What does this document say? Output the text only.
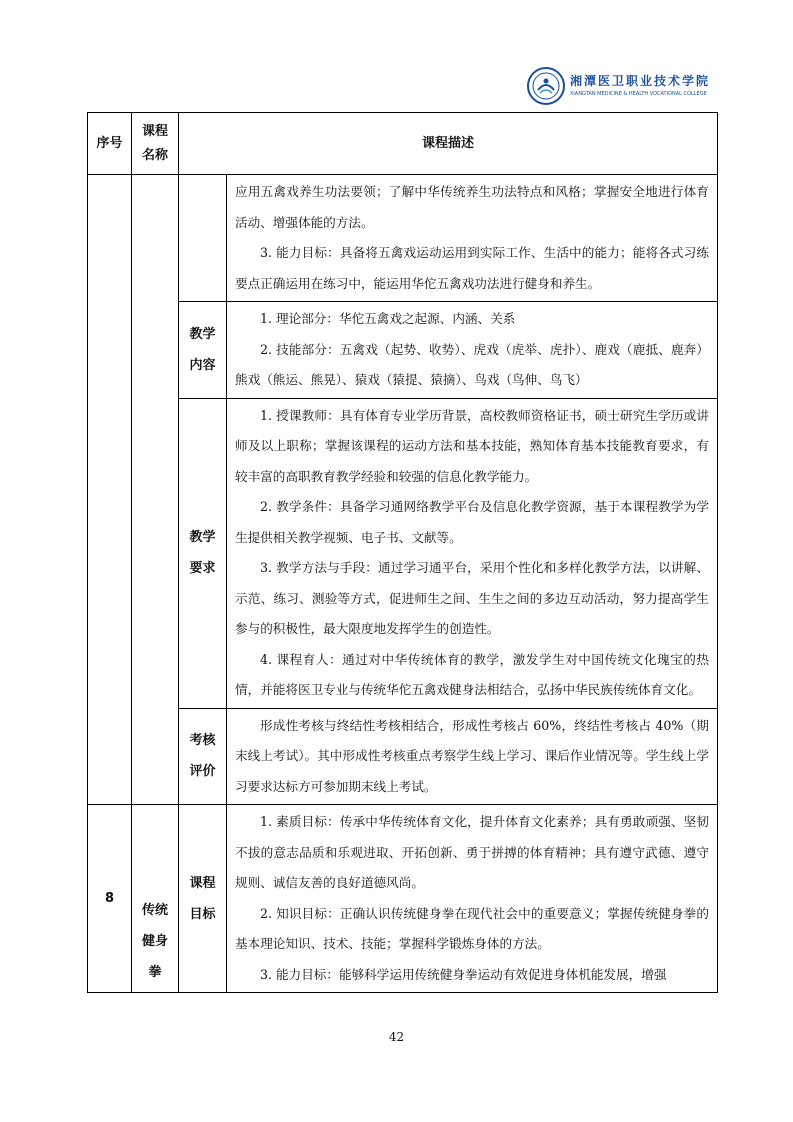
湘潭医卫职业技术学院
XIANGTAN MEDICINE & HEALTH VOCATIONAL COLLEGE
序号	课程名称	课程描述	

			应用五禽戏养生功法要领；了解中华传统养生功法特点和风格；掌握安全地进行体育活动、增强体能的方法。

3. 能力目标：具备将五禽戏运动运用到实际工作、生活中的能力；能将各式习练要点正确运用在练习中，能运用华佗五禽戏功法进行健身和养生。

		教学内容	1. 理论部分：华佗五禽戏之起源、内涵、关系

2. 技能部分：五禽戏（起势、收势）、虎戏（虎举、虎扑）、鹿戏（鹿抵、鹿奔）熊戏（熊运、熊晃）、猿戏（猿提、猿摘）、鸟戏（鸟伸、鸟飞）

		教学要求	1. 授课教师：具有体育专业学历背景，高校教师资格证书，硕士研究生学历或讲师及以上职称；掌握该课程的运动方法和基本技能，熟知体育基本技能教育要求，有较丰富的高职教育教学经验和较强的信息化教学能力。

2. 教学条件：具备学习通网络教学平台及信息化教学资源，基于本课程教学为学生提供相关教学视频、电子书、文献等。

3. 教学方法与手段：通过学习通平台，采用个性化和多样化教学方法，以讲解、示范、练习、测验等方式，促进师生之间、生生之间的多边互动活动，努力提高学生参与的积极性，最大限度地发挥学生的创造性。

4. 课程育人：通过对中华传统体育的教学，激发学生对中国传统文化瑰宝的热情，并能将医卫专业与传统华佗五禽戏健身法相结合，弘扬中华民族传统体育文化。

		考核评价	形成性考核与终结性考核相结合，形成性考核占 60%，终结性考核占 40%（期末线上考试）。其中形成性考核重点考察学生线上学习、课后作业情况等。学生线上学习要求达标方可参加期末线上考试。

8	传统健身拳	课程目标	1. 素质目标：传承中华传统体育文化，提升体育文化素养；具有勇敢顽强、坚韧不拔的意志品质和乐观进取、开拓创新、勇于拼搏的体育精神；具有遵守武德、遵守规则、诚信友善的良好道德风尚。

2. 知识目标：正确认识传统健身拳在现代社会中的重要意义；掌握传统健身拳的基本理论知识、技术、技能；掌握科学锻炼身体的方法。

3. 能力目标：能够科学运用传统健身拳运动有效促进身体机能发展，增强

42
